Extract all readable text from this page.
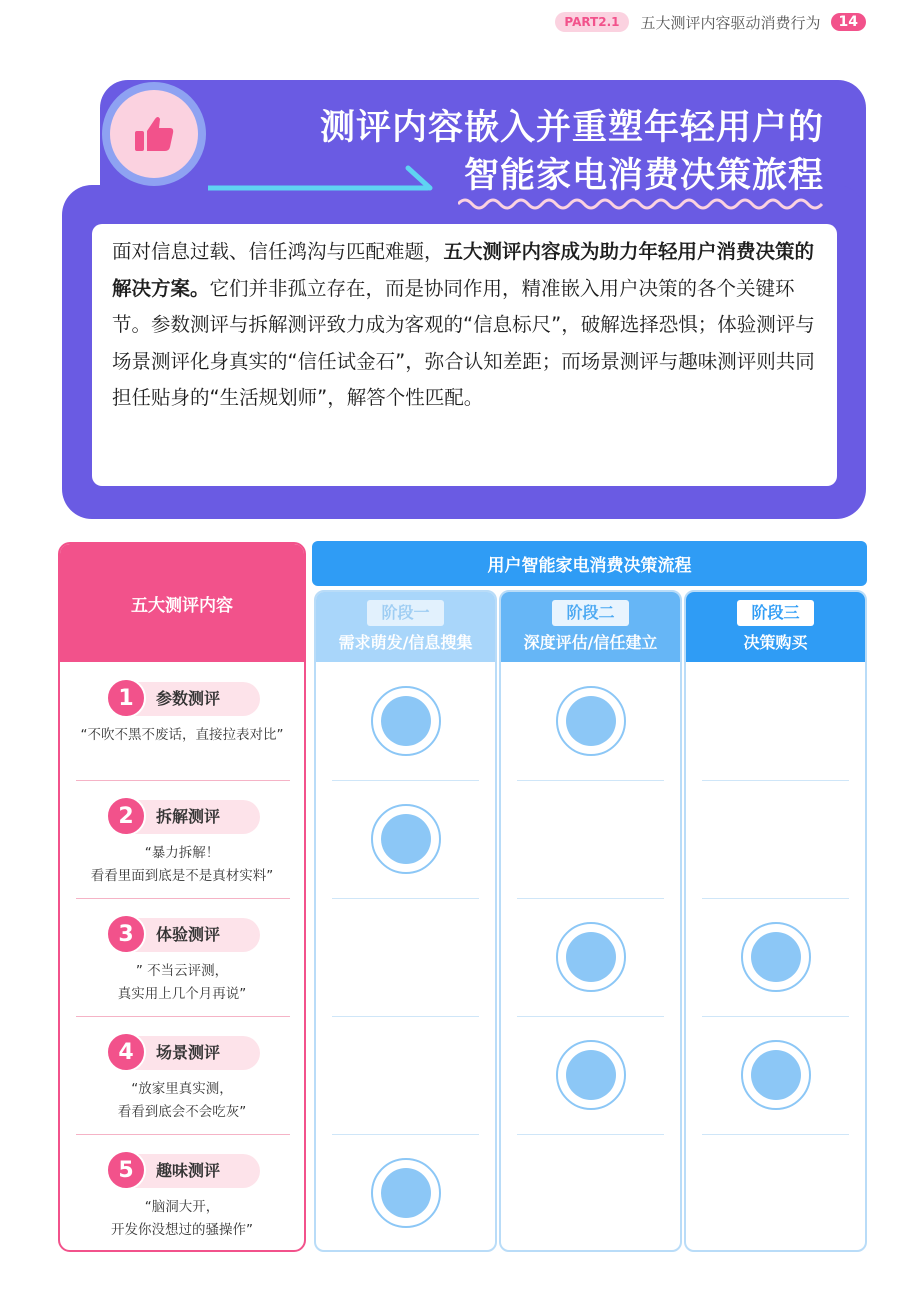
PART2.1	五大测评内容驱动消费行为	14
测评内容嵌入并重塑年轻用户的
智能家电消费决策旅程
面对信息过载、信任鸿沟与匹配难题，五大测评内容成为助力年轻用户消费决策的解决方案。它们并非孤立存在，而是协同作用，精准嵌入用户决策的各个关键环节。参数测评与拆解测评致力成为客观的“信息标尺”，破解选择恐惧；体验测评与场景测评化身真实的“信任试金石”，弥合认知差距；而场景测评与趣味测评则共同担任贴身的“生活规划师”，解答个性匹配。
五大测评内容
1	参数测评
“不吹不黑不废话，直接拉表对比”
2	拆解测评
“暴力拆解！
看看里面到底是不是真材实料”
3	体验测评
” 不当云评测，
真实用上几个月再说”
4	场景测评
“放家里真实测，
看看到底会不会吃灰”
5	趣味测评
“脑洞大开，
开发你没想过的骚操作”
用户智能家电消费决策流程
阶段一
需求萌发/信息搜集
阶段二
深度评估/信任建立
阶段三
决策购买
